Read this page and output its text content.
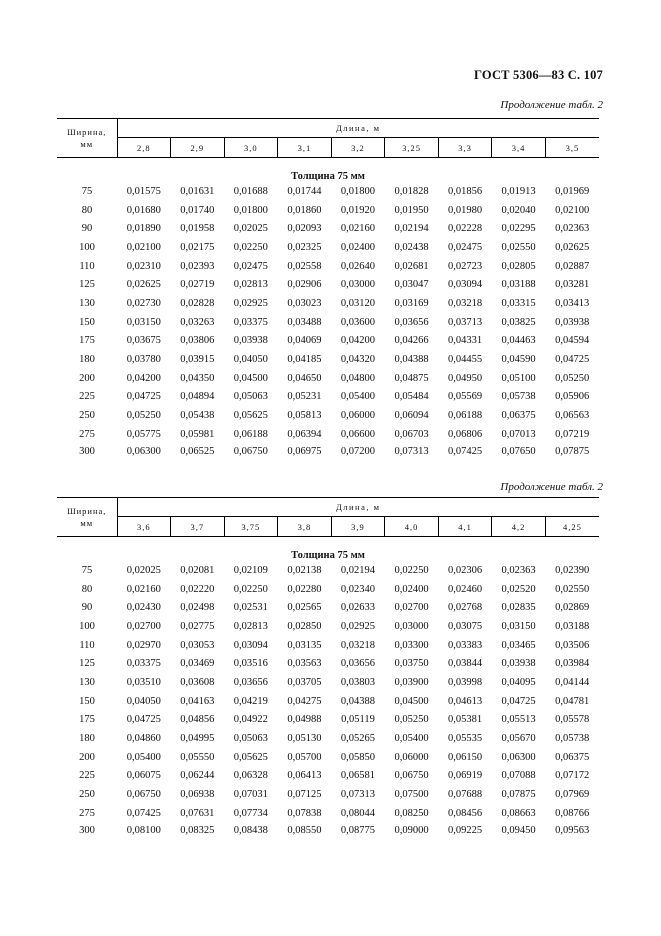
ГОСТ 5306—83 С. 107
Продолжение табл. 2
Ширина,
мм	Длина, м								
	2,8	2,9	3,0	3,1	3,2	3,25	3,3	3,4	3,5
Толщина 75 мм									
75	0,01575	0,01631	0,01688	0,01744	0,01800	0,01828	0,01856	0,01913	0,01969
80	0,01680	0,01740	0,01800	0,01860	0,01920	0,01950	0,01980	0,02040	0,02100
90	0,01890	0,01958	0,02025	0,02093	0,02160	0,02194	0,02228	0,02295	0,02363
100	0,02100	0,02175	0,02250	0,02325	0,02400	0,02438	0,02475	0,02550	0,02625
110	0,02310	0,02393	0,02475	0,02558	0,02640	0,02681	0,02723	0,02805	0,02887
125	0,02625	0,02719	0,02813	0,02906	0,03000	0,03047	0,03094	0,03188	0,03281
130	0,02730	0,02828	0,02925	0,03023	0,03120	0,03169	0,03218	0,03315	0,03413
150	0,03150	0,03263	0,03375	0,03488	0,03600	0,03656	0,03713	0,03825	0,03938
175	0,03675	0,03806	0,03938	0,04069	0,04200	0,04266	0,04331	0,04463	0,04594
180	0,03780	0,03915	0,04050	0,04185	0,04320	0,04388	0,04455	0,04590	0,04725
200	0,04200	0,04350	0,04500	0,04650	0,04800	0,04875	0,04950	0,05100	0,05250
225	0,04725	0,04894	0,05063	0,05231	0,05400	0,05484	0,05569	0,05738	0,05906
250	0,05250	0,05438	0,05625	0,05813	0,06000	0,06094	0,06188	0,06375	0,06563
275	0,05775	0,05981	0,06188	0,06394	0,06600	0,06703	0,06806	0,07013	0,07219
300	0,06300	0,06525	0,06750	0,06975	0,07200	0,07313	0,07425	0,07650	0,07875
Продолжение табл. 2
Ширина,
мм	Длина, м								
	3,6	3,7	3,75	3,8	3,9	4,0	4,1	4,2	4,25
Толщина 75 мм									
75	0,02025	0,02081	0,02109	0,02138	0,02194	0,02250	0,02306	0,02363	0,02390
80	0,02160	0,02220	0,02250	0,02280	0,02340	0,02400	0,02460	0,02520	0,02550
90	0,02430	0,02498	0,02531	0,02565	0,02633	0,02700	0,02768	0,02835	0,02869
100	0,02700	0,02775	0,02813	0,02850	0,02925	0,03000	0,03075	0,03150	0,03188
110	0,02970	0,03053	0,03094	0,03135	0,03218	0,03300	0,03383	0,03465	0,03506
125	0,03375	0,03469	0,03516	0,03563	0,03656	0,03750	0,03844	0,03938	0,03984
130	0,03510	0,03608	0,03656	0,03705	0,03803	0,03900	0,03998	0,04095	0,04144
150	0,04050	0,04163	0,04219	0,04275	0,04388	0,04500	0,04613	0,04725	0,04781
175	0,04725	0,04856	0,04922	0,04988	0,05119	0,05250	0,05381	0,05513	0,05578
180	0,04860	0,04995	0,05063	0,05130	0,05265	0,05400	0,05535	0,05670	0,05738
200	0,05400	0,05550	0,05625	0,05700	0,05850	0,06000	0,06150	0,06300	0,06375
225	0,06075	0,06244	0,06328	0,06413	0,06581	0,06750	0,06919	0,07088	0,07172
250	0,06750	0,06938	0,07031	0,07125	0,07313	0,07500	0,07688	0,07875	0,07969
275	0,07425	0,07631	0,07734	0,07838	0,08044	0,08250	0,08456	0,08663	0,08766
300	0,08100	0,08325	0,08438	0,08550	0,08775	0,09000	0,09225	0,09450	0,09563
